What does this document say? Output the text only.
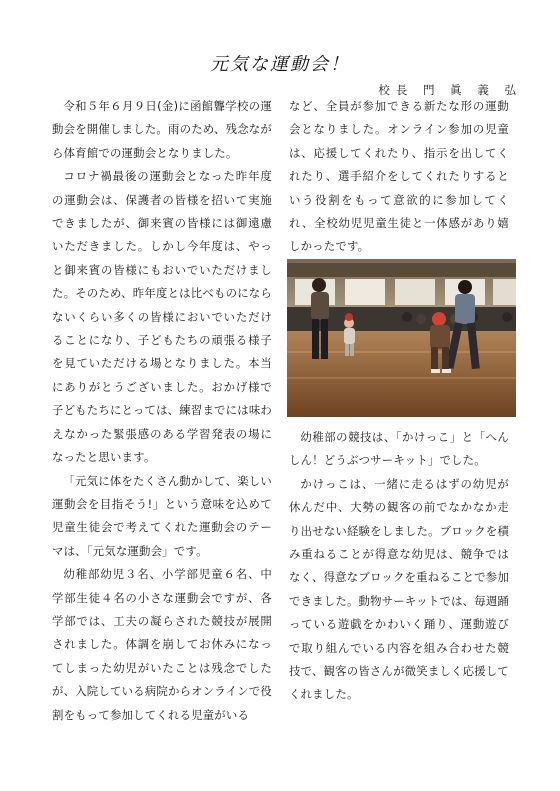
元気な運動会！
校長 門 眞 義 弘

令和５年６月９日(金)に函館聾学校の運動会を開催しました。雨のため、残念ながら体育館での運動会となりました。

コロナ禍最後の運動会となった昨年度の運動会は、保護者の皆様を招いて実施できましたが、御来賓の皆様には御遠慮いただきました。しかし今年度は、やっと御来賓の皆様にもおいでいただけました。そのため、昨年度とは比べものにならないくらい多くの皆様においでいただけることになり、子どもたちの頑張る様子を見ていただける場となりました。本当にありがとうございました。おかげ様で子どもたちにとっては、練習までには味わえなかった緊張感のある学習発表の場になったと思います。

「元気に体をたくさん動かして、楽しい運動会を目指そう!」という意味を込めて児童生徒会で考えてくれた運動会のテーマは、「元気な運動会」です。

幼稚部幼児３名、小学部児童６名、中学部生徒４名の小さな運動会ですが、各学部では、工夫の凝らされた競技が展開されました。体調を崩してお休みになってしまった幼児がいたことは残念でしたが、入院している病院からオンラインで役割をもって参加してくれる児童がいる

など、全員が参加できる新たな形の運動会となりました。オンライン参加の児童は、応援してくれたり、指示を出してくれたり、選手紹介をしてくれたりするという役割をもって意欲的に参加してくれ、全校幼児児童生徒と一体感があり嬉しかったです。

幼稚部の競技は、「かけっこ」と「へんしん！どうぶつサーキット」でした。

かけっこは、一緒に走るはずの幼児が休んだ中、大勢の観客の前でなかなか走り出せない経験をしました。ブロックを積み重ねることが得意な幼児は、競争ではなく、得意なブロックを重ねることで参加できました。動物サーキットでは、毎週踊っている遊戯をかわいく踊り、運動遊びで取り組んでいる内容を組み合わせた競技で、観客の皆さんが微笑ましく応援してくれました。
